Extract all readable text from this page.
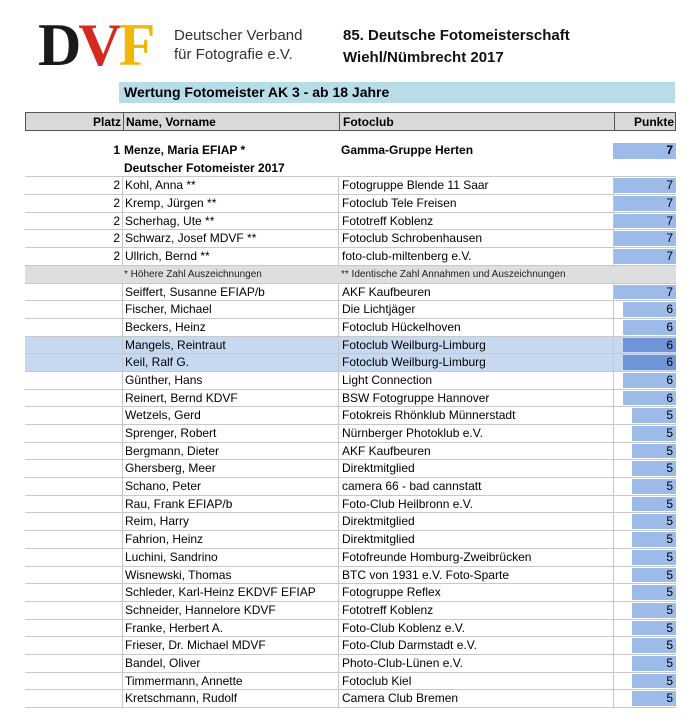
D V F Deutscher Verband
für Fotografie e.V.
85. Deutsche Fotomeisterschaft
Wiehl/Nümbrecht 2017
Wertung Fotomeister AK 3 - ab 18 Jahre
Platz Name, Vorname	Fotoclub	Punkte
1 Menze, Maria EFIAP *	Gamma-Gruppe Herten	7
Deutscher Fotomeister 2017
2 Kohl, Anna **	Fotogruppe Blende 11 Saar	7
2 Kremp, Jürgen **	Fotoclub Tele Freisen	7
2 Scherhag, Ute **	Fototreff Koblenz	7
2 Schwarz, Josef MDVF **	Fotoclub Schrobenhausen	7
2 Ullrich, Bernd **	foto-club-miltenberg e.V.	7
* Höhere Zahl Auszeichnungen	** Identische Zahl Annahmen und Auszeichnungen
Seiffert, Susanne EFIAP/b	AKF Kaufbeuren	7
Fischer, Michael	Die Lichtjäger	6
Beckers, Heinz	Fotoclub Hückelhoven	6
Mangels, Reintraut	Fotoclub Weilburg-Limburg	6
Keil, Ralf G.	Fotoclub Weilburg-Limburg	6
Günther, Hans	Light Connection	6
Reinert, Bernd KDVF	BSW Fotogruppe Hannover	6
Wetzels, Gerd	Fotokreis Rhönklub Münnerstadt	5
Sprenger, Robert	Nürnberger Photoklub e.V.	5
Bergmann, Dieter	AKF Kaufbeuren	5
Ghersberg, Meer	Direktmitglied	5
Schano, Peter	camera 66 - bad cannstatt	5
Rau, Frank EFIAP/b	Foto-Club Heilbronn e.V.	5
Reim, Harry	Direktmitglied	5
Fahrion, Heinz	Direktmitglied	5
Luchini, Sandrino	Fotofreunde Homburg-Zweibrücken	5
Wisnewski, Thomas	BTC von 1931 e.V. Foto-Sparte	5
Schleder, Karl-Heinz EKDVF EFIAP	Fotogruppe Reflex	5
Schneider, Hannelore KDVF	Fototreff Koblenz	5
Franke, Herbert A.	Foto-Club Koblenz e.V.	5
Frieser, Dr. Michael MDVF	Foto-Club Darmstadt e.V.	5
Bandel, Oliver	Photo-Club-Lünen e.V.	5
Timmermann, Annette	Fotoclub Kiel	5
Kretschmann, Rudolf	Camera Club Bremen	5
